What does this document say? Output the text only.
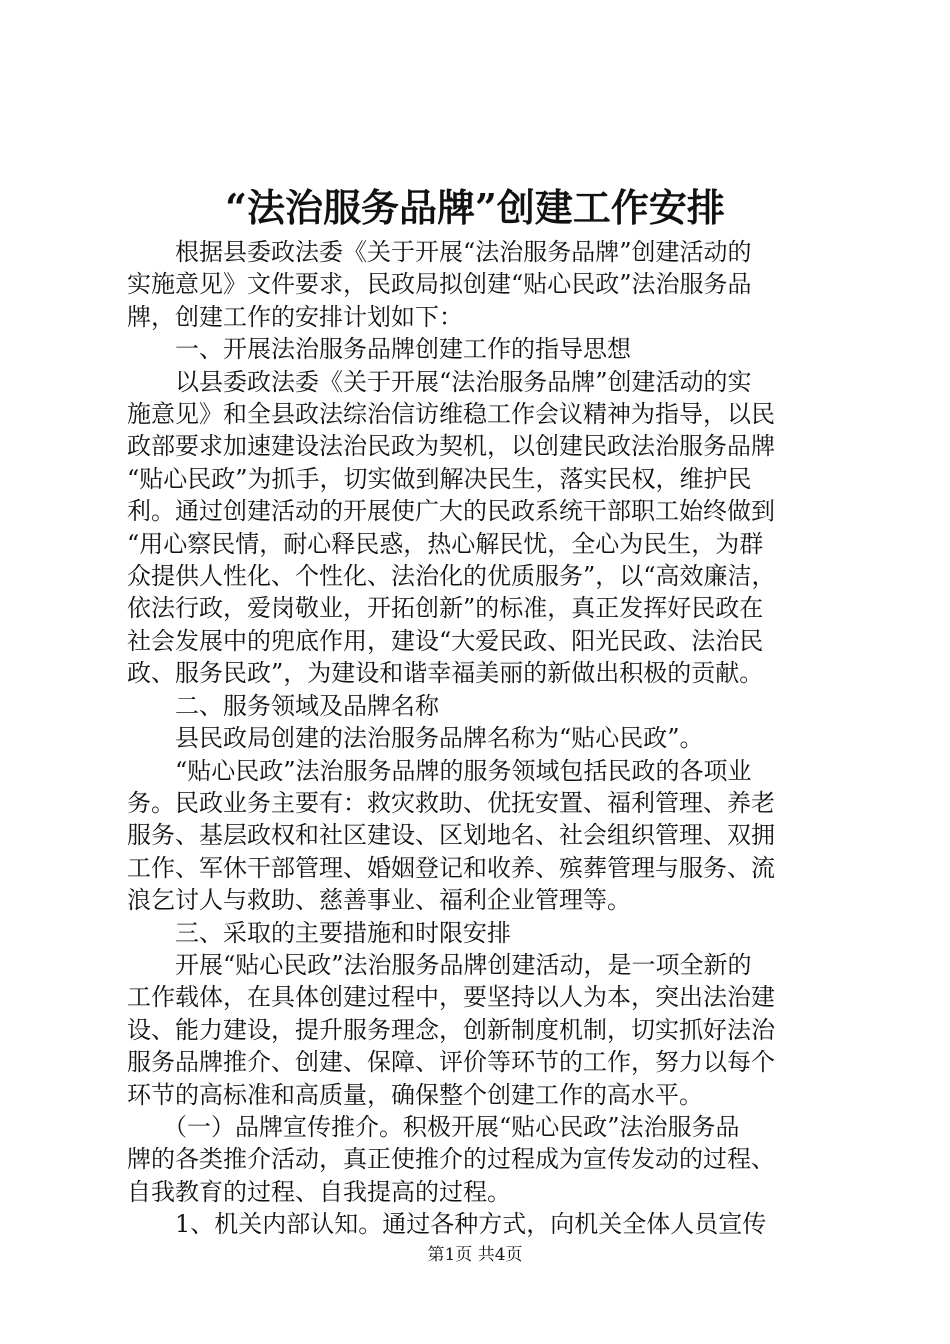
“法治服务品牌”创建工作安排
　　根据县委政法委《关于开展“法治服务品牌”创建活动的
实施意见》文件要求，民政局拟创建“贴心民政”法治服务品
牌，创建工作的安排计划如下：
　　一、开展法治服务品牌创建工作的指导思想
　　以县委政法委《关于开展“法治服务品牌”创建活动的实
施意见》和全县政法综治信访维稳工作会议精神为指导，以民
政部要求加速建设法治民政为契机，以创建民政法治服务品牌
“贴心民政”为抓手，切实做到解决民生，落实民权，维护民
利。通过创建活动的开展使广大的民政系统干部职工始终做到
“用心察民情，耐心释民惑，热心解民忧，全心为民生，为群
众提供人性化、个性化、法治化的优质服务”，以“高效廉洁，
依法行政，爱岗敬业，开拓创新”的标准，真正发挥好民政在
社会发展中的兜底作用，建设“大爱民政、阳光民政、法治民
政、服务民政”，为建设和谐幸福美丽的新做出积极的贡献。
　　二、服务领域及品牌名称
　　县民政局创建的法治服务品牌名称为“贴心民政”。
　　“贴心民政”法治服务品牌的服务领域包括民政的各项业
务。民政业务主要有：救灾救助、优抚安置、福利管理、养老
服务、基层政权和社区建设、区划地名、社会组织管理、双拥
工作、军休干部管理、婚姻登记和收养、殡葬管理与服务、流
浪乞讨人与救助、慈善事业、福利企业管理等。
　　三、采取的主要措施和时限安排
　　开展“贴心民政”法治服务品牌创建活动，是一项全新的
工作载体，在具体创建过程中，要坚持以人为本，突出法治建
设、能力建设，提升服务理念，创新制度机制，切实抓好法治
服务品牌推介、创建、保障、评价等环节的工作，努力以每个
环节的高标准和高质量，确保整个创建工作的高水平。
　　（一）品牌宣传推介。积极开展“贴心民政”法治服务品
牌的各类推介活动，真正使推介的过程成为宣传发动的过程、
自我教育的过程、自我提高的过程。
　　1、机关内部认知。通过各种方式，向机关全体人员宣传
第1页 共4页
